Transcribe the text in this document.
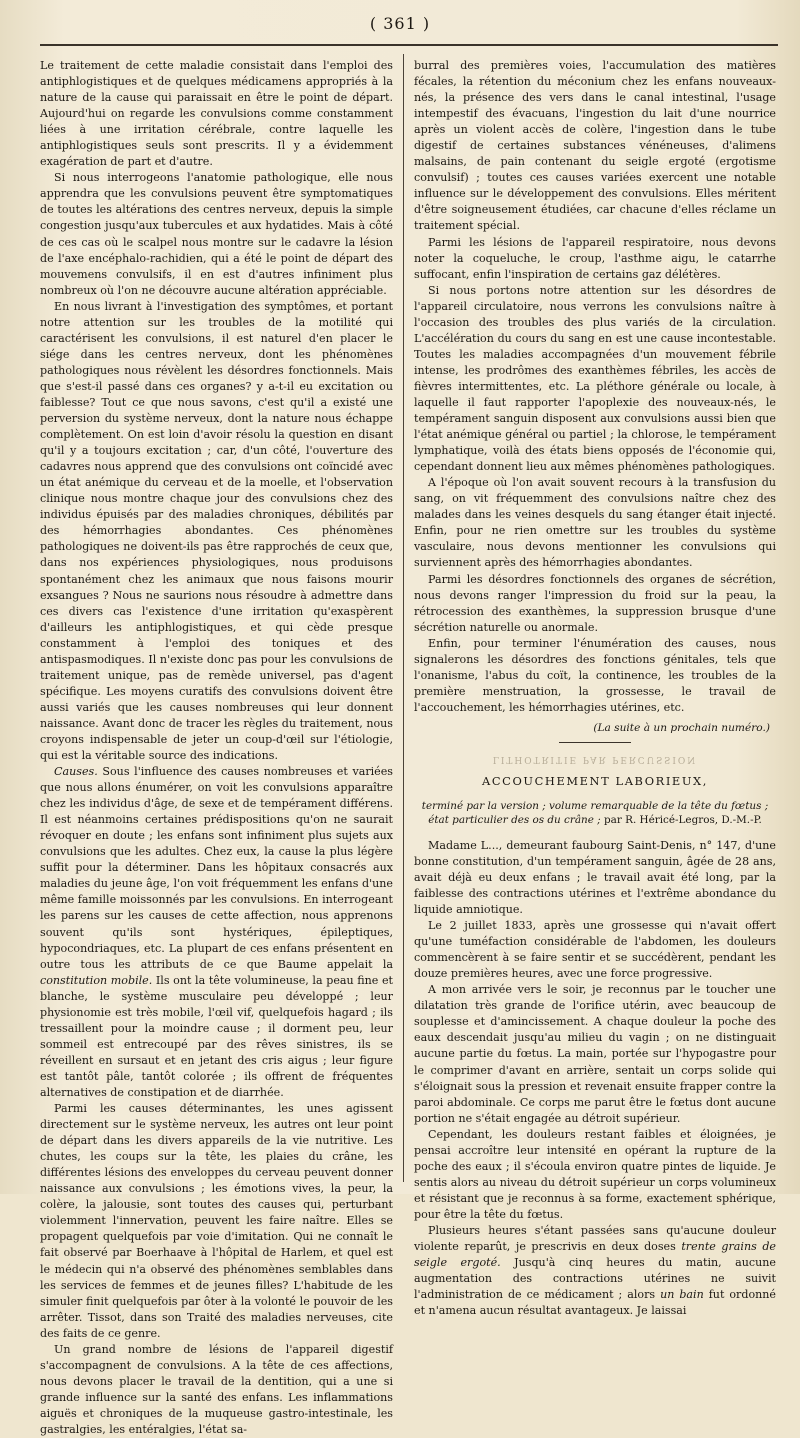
( 361 )

Le traitement de cette maladie consistait dans l'emploi des antiphlogistiques et de quelques médicamens appropriés à la nature de la cause qui paraissait en être le point de départ. Aujourd'hui on regarde les convulsions comme constamment liées à une irritation cérébrale, contre laquelle les antiphlogistiques seuls sont prescrits. Il y a évidemment exagération de part et d'autre.

Si nous interrogeons l'anatomie pathologique, elle nous apprendra que les convulsions peuvent être symptomatiques de toutes les altérations des centres nerveux, depuis la simple congestion jusqu'aux tubercules et aux hydatides. Mais à côté de ces cas où le scalpel nous montre sur le cadavre la lésion de l'axe encéphalo-rachidien, qui a été le point de départ des mouvemens convulsifs, il en est d'autres infiniment plus nombreux où l'on ne découvre aucune altération appréciable.

En nous livrant à l'investigation des symptômes, et portant notre attention sur les troubles de la motilité qui caractérisent les convulsions, il est naturel d'en placer le siége dans les centres nerveux, dont les phénomènes pathologiques nous révèlent les désordres fonctionnels. Mais que s'est-il passé dans ces organes? y a-t-il eu excitation ou faiblesse? Tout ce que nous savons, c'est qu'il a existé une perversion du système nerveux, dont la nature nous échappe complètement. On est loin d'avoir résolu la question en disant qu'il y a toujours excitation ; car, d'un côté, l'ouverture des cadavres nous apprend que des convulsions ont coïncidé avec un état anémique du cerveau et de la moelle, et l'observation clinique nous montre chaque jour des convulsions chez des individus épuisés par des maladies chroniques, débilités par des hémorrhagies abondantes. Ces phénomènes pathologiques ne doivent-ils pas être rapprochés de ceux que, dans nos expériences physiologiques, nous produisons spontanément chez les animaux que nous faisons mourir exsangues ? Nous ne saurions nous résoudre à admettre dans ces divers cas l'existence d'une irritation qu'exaspèrent d'ailleurs les antiphlogistiques, et qui cède presque constamment à l'emploi des toniques et des antispasmodiques. Il n'existe donc pas pour les convulsions de traitement unique, pas de remède universel, pas d'agent spécifique. Les moyens curatifs des convulsions doivent être aussi variés que les causes nombreuses qui leur donnent naissance. Avant donc de tracer les règles du traitement, nous croyons indispensable de jeter un coup-d'œil sur l'étiologie, qui est la véritable source des indications.

Causes. Sous l'influence des causes nombreuses et variées que nous allons énumérer, on voit les convulsions apparaître chez les individus d'âge, de sexe et de tempérament différens. Il est néanmoins certaines prédispositions qu'on ne saurait révoquer en doute ; les enfans sont infiniment plus sujets aux convulsions que les adultes. Chez eux, la cause la plus légère suffit pour la déterminer. Dans les hôpitaux consacrés aux maladies du jeune âge, l'on voit fréquemment les enfans d'une même famille moissonnés par les convulsions. En interrogeant les parens sur les causes de cette affection, nous apprenons souvent qu'ils sont hystériques, épileptiques, hypocondriaques, etc. La plupart de ces enfans présentent en outre tous les attributs de ce que Baume appelait la constitution mobile. Ils ont la tête volumineuse, la peau fine et blanche, le système musculaire peu développé ; leur physionomie est très mobile, l'œil vif, quelquefois hagard ; ils tressaillent pour la moindre cause ; il dorment peu, leur sommeil est entrecoupé par des rêves sinistres, ils se réveillent en sursaut et en jetant des cris aigus ; leur figure est tantôt pâle, tantôt colorée ; ils offrent de fréquentes alternatives de constipation et de diarrhée.

Parmi les causes déterminantes, les unes agissent directement sur le système nerveux, les autres ont leur point de départ dans les divers appareils de la vie nutritive. Les chutes, les coups sur la tête, les plaies du crâne, les différentes lésions des enveloppes du cerveau peuvent donner naissance aux convulsions ; les émotions vives, la peur, la colère, la jalousie, sont toutes des causes qui, perturbant violemment l'innervation, peuvent les faire naître. Elles se propagent quelquefois par voie d'imitation. Qui ne connaît le fait observé par Boerhaave à l'hôpital de Harlem, et quel est le médecin qui n'a observé des phénomènes semblables dans les services de femmes et de jeunes filles? L'habitude de les simuler finit quelquefois par ôter à la volonté le pouvoir de les arrêter. Tissot, dans son Traité des maladies nerveuses, cite des faits de ce genre.

Un grand nombre de lésions de l'appareil digestif s'accompagnent de convulsions. A la tête de ces affections, nous devons placer le travail de la dentition, qui a une si grande influence sur la santé des enfans. Les inflammations aiguës et chroniques de la muqueuse gastro-intestinale, les gastralgies, les entéralgies, l'état sa-

burral des premières voies, l'accumulation des matières fécales, la rétention du méconium chez les enfans nouveaux-nés, la présence des vers dans le canal intestinal, l'usage intempestif des évacuans, l'ingestion du lait d'une nourrice après un violent accès de colère, l'ingestion dans le tube digestif de certaines substances vénéneuses, d'alimens malsains, de pain contenant du seigle ergoté (ergotisme convulsif) ; toutes ces causes variées exercent une notable influence sur le développement des convulsions. Elles méritent d'être soigneusement étudiées, car chacune d'elles réclame un traitement spécial.

Parmi les lésions de l'appareil respiratoire, nous devons noter la coqueluche, le croup, l'asthme aigu, le catarrhe suffocant, enfin l'inspiration de certains gaz délétères.

Si nous portons notre attention sur les désordres de l'appareil circulatoire, nous verrons les convulsions naître à l'occasion des troubles des plus variés de la circulation. L'accélération du cours du sang en est une cause incontestable. Toutes les maladies accompagnées d'un mouvement fébrile intense, les prodrômes des exanthèmes fébriles, les accès de fièvres intermittentes, etc. La pléthore générale ou locale, à laquelle il faut rapporter l'apoplexie des nouveaux-nés, le tempérament sanguin disposent aux convulsions aussi bien que l'état anémique général ou partiel ; la chlorose, le tempérament lymphatique, voilà des états biens opposés de l'économie qui, cependant donnent lieu aux mêmes phénomènes pathologiques.

A l'époque où l'on avait souvent recours à la transfusion du sang, on vit fréquemment des convulsions naître chez des malades dans les veines desquels du sang étanger était injecté. Enfin, pour ne rien omettre sur les troubles du système vasculaire, nous devons mentionner les convulsions qui surviennent après des hémorrhagies abondantes.

Parmi les désordres fonctionnels des organes de sécrétion, nous devons ranger l'impression du froid sur la peau, la rétrocession des exanthèmes, la suppression brusque d'une sécrétion naturelle ou anormale.

Enfin, pour terminer l'énumération des causes, nous signalerons les désordres des fonctions génitales, tels que l'onanisme, l'abus du coït, la continence, les troubles de la première menstruation, la grossesse, le travail de l'accouchement, les hémorrhagies utérines, etc.

(La suite à un prochain numéro.)

LITHOTRITIE PAR PERCUSSION

ACCOUCHEMENT LABORIEUX,

terminé par la version ; volume remarquable de la tête du fœtus ; état particulier des os du crâne ; par R. Héricé-Legros, D.-M.-P.

Madame L..., demeurant faubourg Saint-Denis, n° 147, d'une bonne constitution, d'un tempérament sanguin, âgée de 28 ans, avait déjà eu deux enfans ; le travail avait été long, par la faiblesse des contractions utérines et l'extrême abondance du liquide amniotique.

Le 2 juillet 1833, après une grossesse qui n'avait offert qu'une tuméfaction considérable de l'abdomen, les douleurs commencèrent à se faire sentir et se succédèrent, pendant les douze premières heures, avec une force progressive.

A mon arrivée vers le soir, je reconnus par le toucher une dilatation très grande de l'orifice utérin, avec beaucoup de souplesse et d'amincissement. A chaque douleur la poche des eaux descendait jusqu'au milieu du vagin ; on ne distinguait aucune partie du fœtus. La main, portée sur l'hypogastre pour le comprimer d'avant en arrière, sentait un corps solide qui s'éloignait sous la pression et revenait ensuite frapper contre la paroi abdominale. Ce corps me parut être le fœtus dont aucune portion ne s'était engagée au détroit supérieur.

Cependant, les douleurs restant faibles et éloignées, je pensai accroître leur intensité en opérant la rupture de la poche des eaux ; il s'écoula environ quatre pintes de liquide. Je sentis alors au niveau du détroit supérieur un corps volumineux et résistant que je reconnus à sa forme, exactement sphérique, pour être la tête du fœtus.

Plusieurs heures s'étant passées sans qu'aucune douleur violente reparût, je prescrivis en deux doses trente grains de seigle ergoté. Jusqu'à cinq heures du matin, aucune augmentation des contractions utérines ne suivit l'administration de ce médicament ; alors un bain fut ordonné et n'amena aucun résultat avantageux. Je laissai
